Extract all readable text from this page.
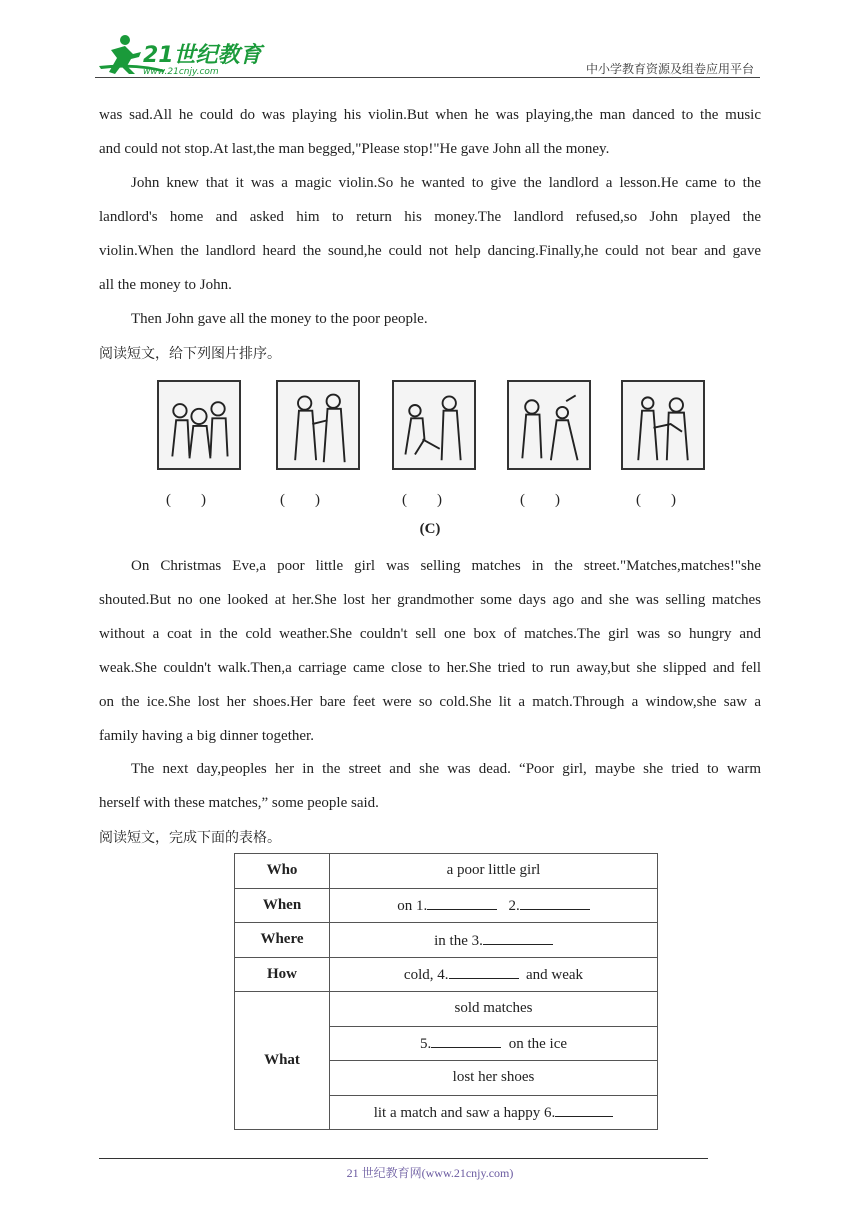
21世纪教育
www.21cnjy.com	中小学教育资源及组卷应用平台
was sad.All he could do was playing his violin.But when he was playing,the man danced to the music
and could not stop.At last,the man begged,"Please stop!"He gave John all the money.
John knew that it was a magic violin.So he wanted to give the landlord a lesson.He came to the
landlord's home and asked him to return his money.The landlord refused,so John played the
violin.When the landlord heard the sound,he could not help dancing.Finally,he could not bear and gave
all the money to John.
Then John gave all the money to the poor people.
阅读短文，给下列图片排序。
(　　)	(　　)	(　　)	(　　)	(　　)
(C)
On Christmas Eve,a poor little girl was selling matches in the street."Matches,matches!"she
shouted.But no one looked at her.She lost her grandmother some days ago and she was selling matches
without a coat in the cold weather.She couldn't sell one box of matches.The girl was so hungry and
weak.She couldn't walk.Then,a carriage came close to her.She tried to run away,but she slipped and fell
on the ice.She lost her shoes.Her bare feet were so cold.She lit a match.Through a window,she saw a
family having a big dinner together.
The next day,peoples her in the street and she was dead. “Poor girl, maybe she tried to warm
herself with these matches,” some people said.
阅读短文，完成下面的表格。
Who	a poor little girl
When	on 1. 2.
Where	in the 3.
How	cold, 4. and weak
What	sold matches
	5. on the ice
	lost her shoes
	lit a match and saw a happy 6.
21 世纪教育网(www.21cnjy.com)
